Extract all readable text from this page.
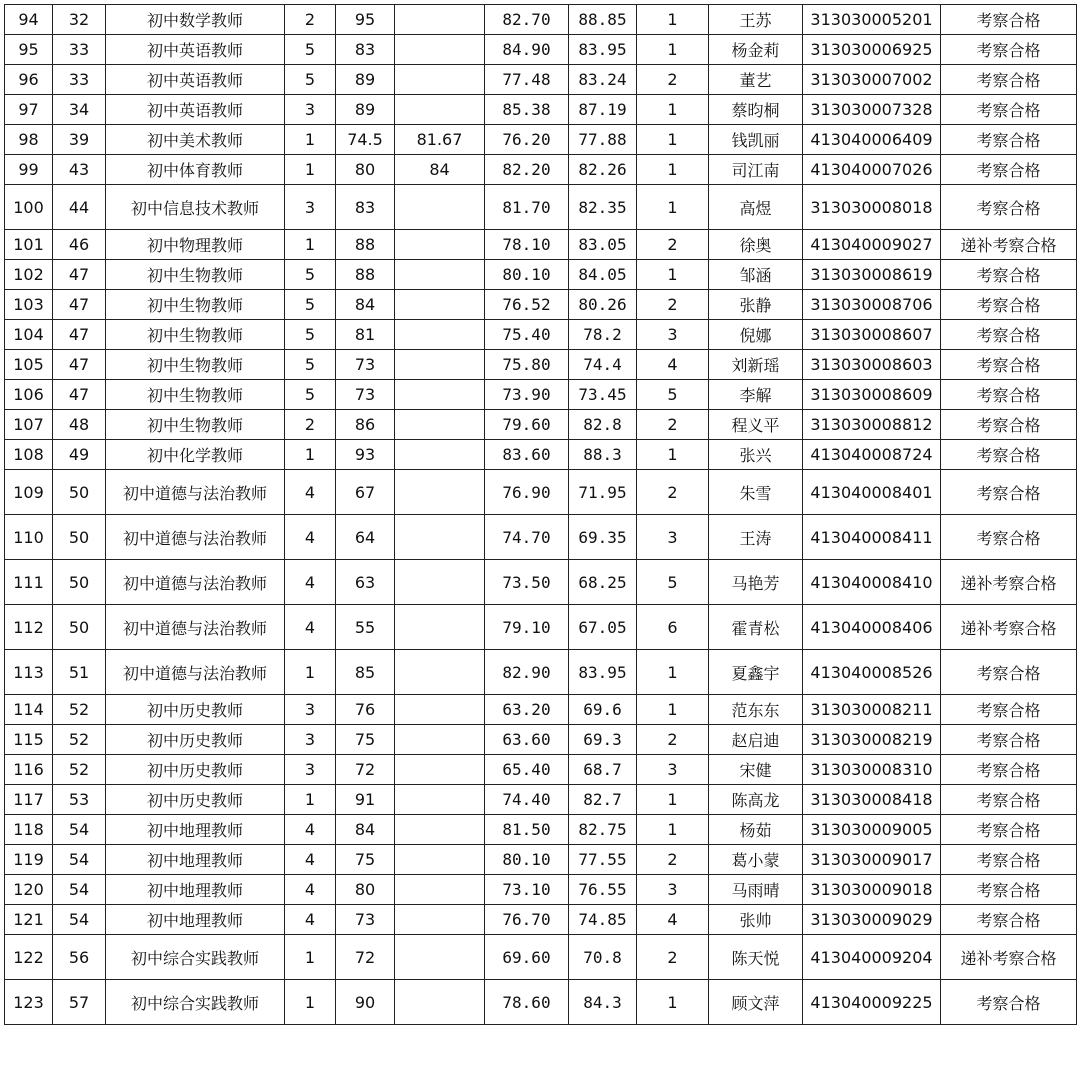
94	32	初中数学教师	2	95		82.70	88.85	1	王苏	313030005201	考察合格
95	33	初中英语教师	5	83		84.90	83.95	1	杨金莉	313030006925	考察合格
96	33	初中英语教师	5	89		77.48	83.24	2	董艺	313030007002	考察合格
97	34	初中英语教师	3	89		85.38	87.19	1	蔡昀桐	313030007328	考察合格
98	39	初中美术教师	1	74.5	81.67	76.20	77.88	1	钱凯丽	413040006409	考察合格
99	43	初中体育教师	1	80	84	82.20	82.26	1	司江南	413040007026	考察合格
100	44	初中信息技术教师	3	83		81.70	82.35	1	高煜	313030008018	考察合格
101	46	初中物理教师	1	88		78.10	83.05	2	徐奥	413040009027	递补考察合格
102	47	初中生物教师	5	88		80.10	84.05	1	邹涵	313030008619	考察合格
103	47	初中生物教师	5	84		76.52	80.26	2	张静	313030008706	考察合格
104	47	初中生物教师	5	81		75.40	78.2	3	倪娜	313030008607	考察合格
105	47	初中生物教师	5	73		75.80	74.4	4	刘新瑶	313030008603	考察合格
106	47	初中生物教师	5	73		73.90	73.45	5	李解	313030008609	考察合格
107	48	初中生物教师	2	86		79.60	82.8	2	程义平	313030008812	考察合格
108	49	初中化学教师	1	93		83.60	88.3	1	张兴	413040008724	考察合格
109	50	初中道德与法治教师	4	67		76.90	71.95	2	朱雪	413040008401	考察合格
110	50	初中道德与法治教师	4	64		74.70	69.35	3	王涛	413040008411	考察合格
111	50	初中道德与法治教师	4	63		73.50	68.25	5	马艳芳	413040008410	递补考察合格
112	50	初中道德与法治教师	4	55		79.10	67.05	6	霍青松	413040008406	递补考察合格
113	51	初中道德与法治教师	1	85		82.90	83.95	1	夏鑫宇	413040008526	考察合格
114	52	初中历史教师	3	76		63.20	69.6	1	范东东	313030008211	考察合格
115	52	初中历史教师	3	75		63.60	69.3	2	赵启迪	313030008219	考察合格
116	52	初中历史教师	3	72		65.40	68.7	3	宋健	313030008310	考察合格
117	53	初中历史教师	1	91		74.40	82.7	1	陈高龙	313030008418	考察合格
118	54	初中地理教师	4	84		81.50	82.75	1	杨茹	313030009005	考察合格
119	54	初中地理教师	4	75		80.10	77.55	2	葛小蒙	313030009017	考察合格
120	54	初中地理教师	4	80		73.10	76.55	3	马雨晴	313030009018	考察合格
121	54	初中地理教师	4	73		76.70	74.85	4	张帅	313030009029	考察合格
122	56	初中综合实践教师	1	72		69.60	70.8	2	陈天悦	413040009204	递补考察合格
123	57	初中综合实践教师	1	90		78.60	84.3	1	顾文萍	413040009225	考察合格
